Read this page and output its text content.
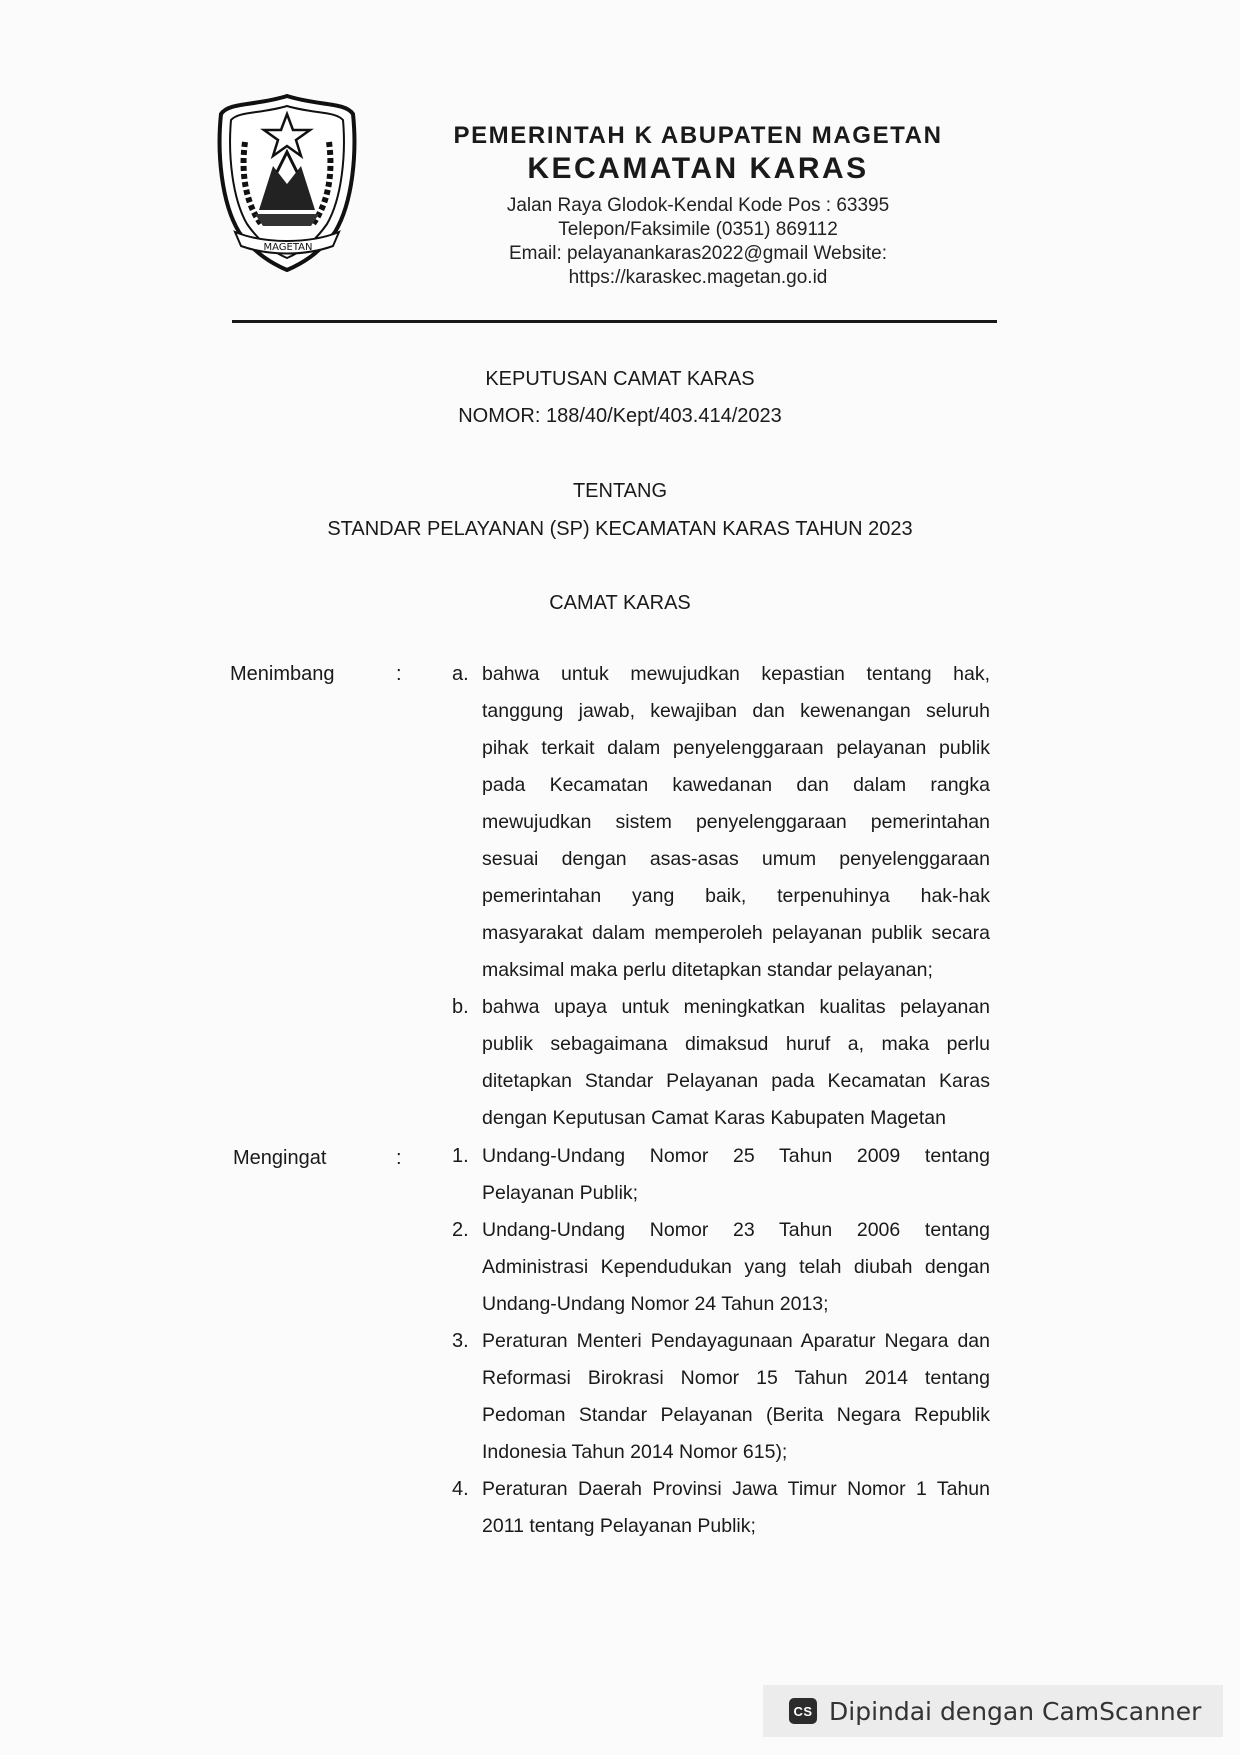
MAGETAN
PEMERINTAH K ABUPATEN MAGETAN
KECAMATAN KARAS
Jalan Raya Glodok-Kendal Kode Pos : 63395
Telepon/Faksimile (0351) 869112
Email: pelayanankaras2022@gmail Website:
https://karaskec.magetan.go.id
KEPUTUSAN CAMAT KARAS
NOMOR: 188/40/Kept/403.414/2023
TENTANG
STANDAR PELAYANAN (SP) KECAMATAN KARAS TAHUN 2023
CAMAT KARAS
Menimbang	:	a. bahwa untuk mewujudkan kepastian tentang hak,
tanggung jawab, kewajiban dan kewenangan seluruh
pihak terkait dalam penyelenggaraan pelayanan publik
pada Kecamatan kawedanan dan dalam rangka
mewujudkan sistem penyelenggaraan pemerintahan
sesuai dengan asas-asas umum penyelenggaraan
pemerintahan yang baik, terpenuhinya hak-hak
masyarakat dalam memperoleh pelayanan publik secara
maksimal maka perlu ditetapkan standar pelayanan;
b. bahwa upaya untuk meningkatkan kualitas pelayanan
publik sebagaimana dimaksud huruf a, maka perlu
ditetapkan Standar Pelayanan pada Kecamatan Karas
dengan Keputusan Camat Karas Kabupaten Magetan
Mengingat	:	1. Undang-Undang Nomor 25 Tahun 2009 tentang
Pelayanan Publik;
2. Undang-Undang Nomor 23 Tahun 2006 tentang
Administrasi Kependudukan yang telah diubah dengan
Undang-Undang Nomor 24 Tahun 2013;
3. Peraturan Menteri Pendayagunaan Aparatur Negara dan
Reformasi Birokrasi Nomor 15 Tahun 2014 tentang
Pedoman Standar Pelayanan (Berita Negara Republik
Indonesia Tahun 2014 Nomor 615);
4. Peraturan Daerah Provinsi Jawa Timur Nomor 1 Tahun
2011 tentang Pelayanan Publik;
CS Dipindai dengan CamScanner
